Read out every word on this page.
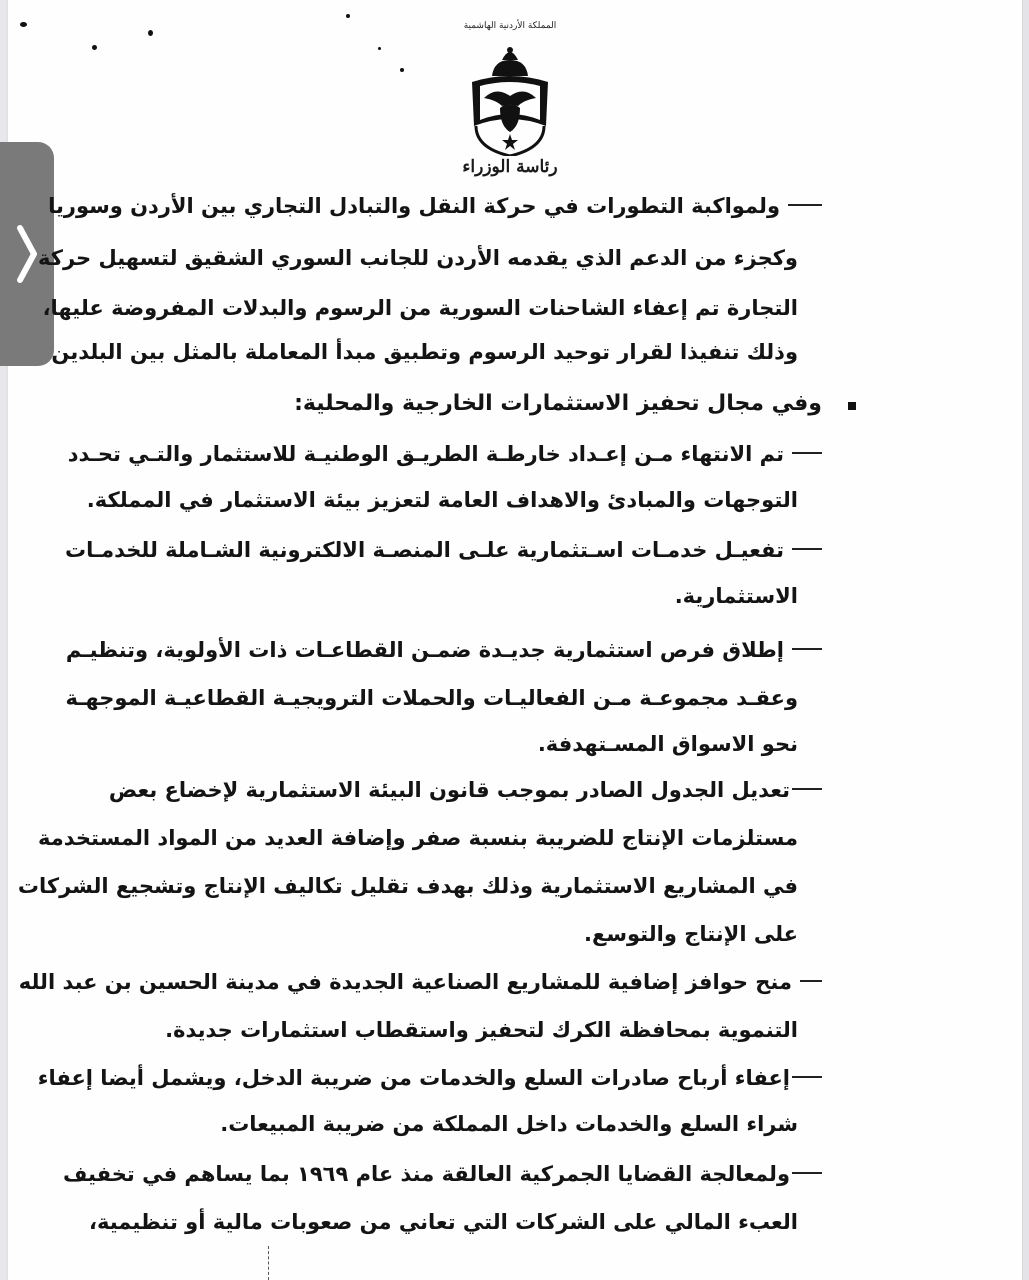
المملكة الأردنية الهاشمية
رئاسة الوزراء
ولمواكبة التطورات في حركة النقل والتبادل التجاري بين الأردن وسوريا
وكجزء من الدعم الذي يقدمه الأردن للجانب السوري الشقيق لتسهيل حركة
التجارة تم إعفاء الشاحنات السورية من الرسوم والبدلات المفروضة عليها،
وذلك تنفيذا لقرار توحيد الرسوم وتطبيق مبدأ المعاملة بالمثل بين البلدين
وفي مجال تحفيز الاستثمارات الخارجية والمحلية:
تم الانتهاء مـن إعـداد خارطـة الطريـق الوطنيـة للاستثمار والتـي تحـدد
التوجهات والمبادئ والاهداف العامة لتعزيز بيئة الاستثمار في المملكة.
تفعيـل خدمـات اسـتثمارية علـى المنصـة الالكترونية الشـاملة للخدمـات
الاستثمارية.
إطلاق فرص استثمارية جديـدة ضمـن القطاعـات ذات الأولوية، وتنظيـم
وعقـد مجموعـة مـن الفعاليـات والحملات الترويجيـة القطاعيـة الموجهـة
نحو الاسواق المسـتهدفة.
تعديل الجدول الصادر بموجب قانون البيئة الاستثمارية لإخضاع بعض
مستلزمات الإنتاج للضريبة بنسبة صفر وإضافة العديد من المواد المستخدمة
في المشاريع الاستثمارية وذلك بهدف تقليل تكاليف الإنتاج وتشجيع الشركات
على الإنتاج والتوسع.
منح حوافز إضافية للمشاريع الصناعية الجديدة في مدينة الحسين بن عبد الله
التنموية بمحافظة الكرك لتحفيز واستقطاب استثمارات جديدة.
إعفاء أرباح صادرات السلع والخدمات من ضريبة الدخل، ويشمل أيضا إعفاء
شراء السلع والخدمات داخل المملكة من ضريبة المبيعات.
ولمعالجة القضايا الجمركية العالقة منذ عام ١٩٦٩ بما يساهم في تخفيف
العبء المالي على الشركات التي تعاني من صعوبات مالية أو تنظيمية،
